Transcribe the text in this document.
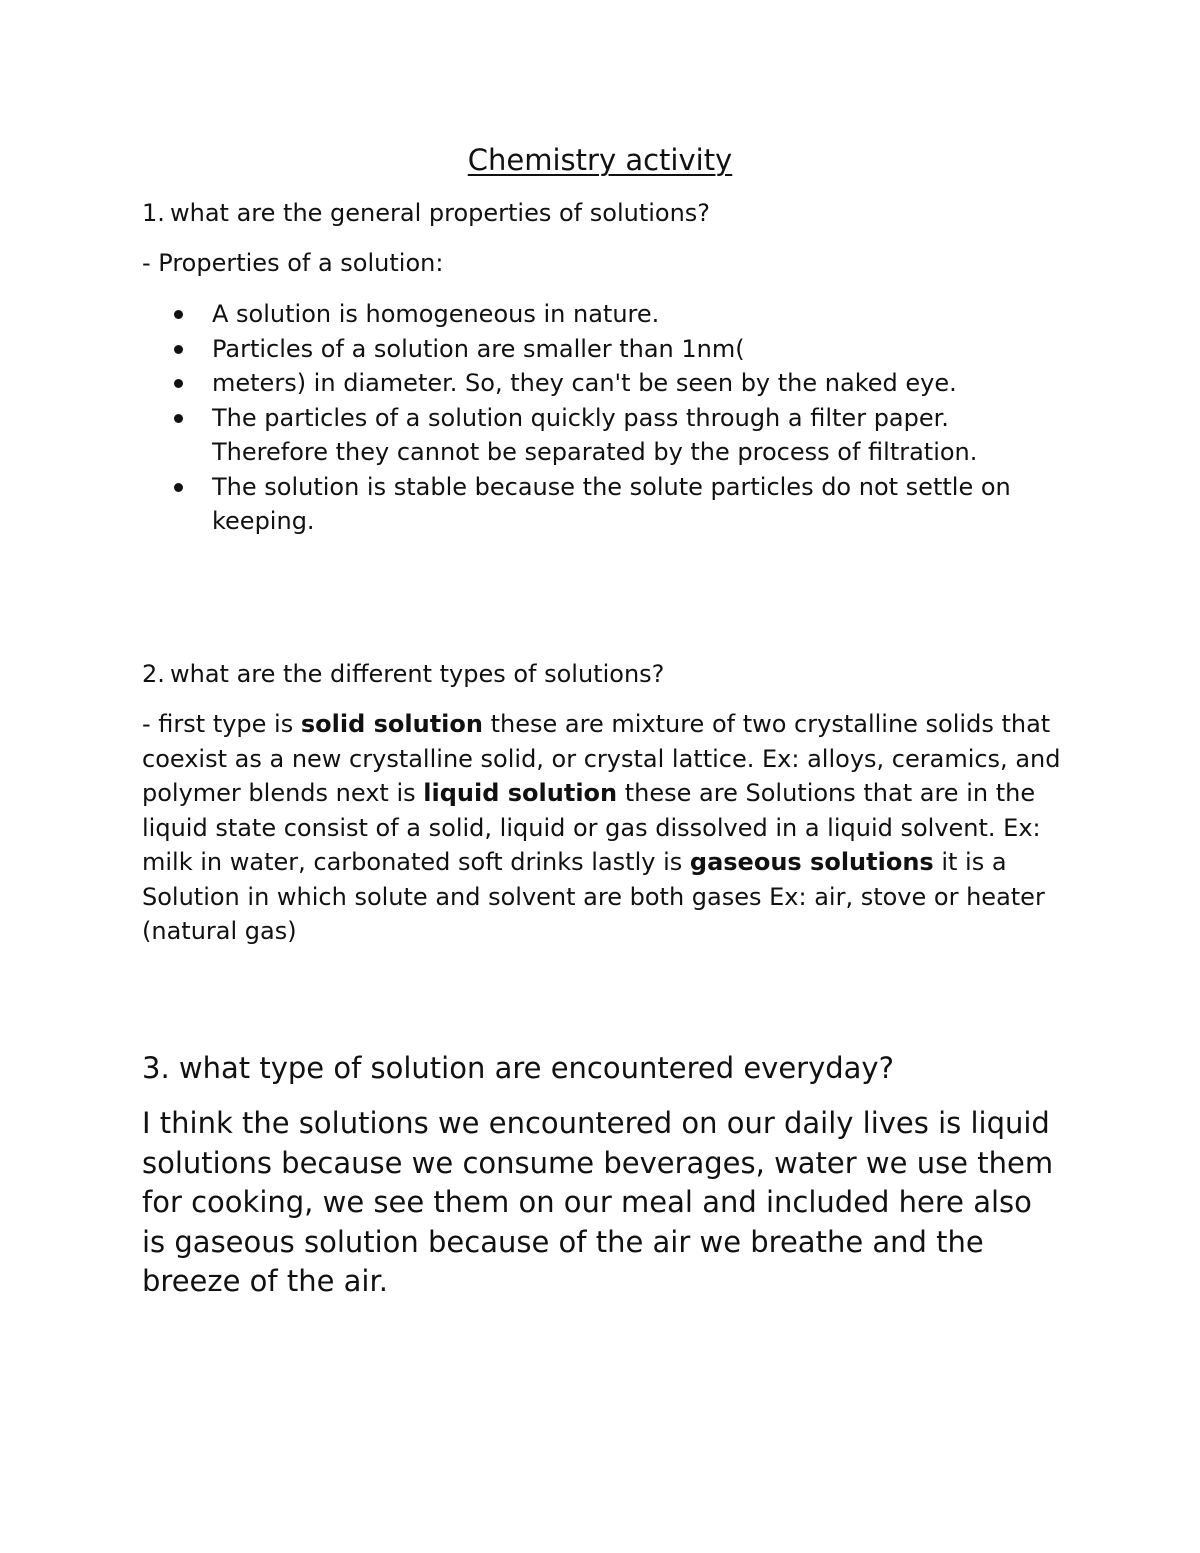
Chemistry activity

1. what are the general properties of solutions?

- Properties of a solution:

A solution is homogeneous in nature.
Particles of a solution are smaller than 1nm(
meters) in diameter. So, they can't be seen by the naked eye.
The particles of a solution quickly pass through a filter paper. Therefore they cannot be separated by the process of filtration.
The solution is stable because the solute particles do not settle on keeping.

2. what are the different types of solutions?

- first type is solid solution these are mixture of two crystalline solids that coexist as a new crystalline solid, or crystal lattice. Ex: alloys, ceramics, and polymer blends next is liquid solution these are Solutions that are in the liquid state consist of a solid, liquid or gas dissolved in a liquid solvent. Ex: milk in water, carbonated soft drinks lastly is gaseous solutions it is a Solution in which solute and solvent are both gases Ex: air, stove or heater (natural gas)

3. what type of solution are encountered everyday?

I think the solutions we encountered on our daily lives is liquid solutions because we consume beverages, water we use them for cooking, we see them on our meal and included here also is gaseous solution because of the air we breathe and the breeze of the air.
